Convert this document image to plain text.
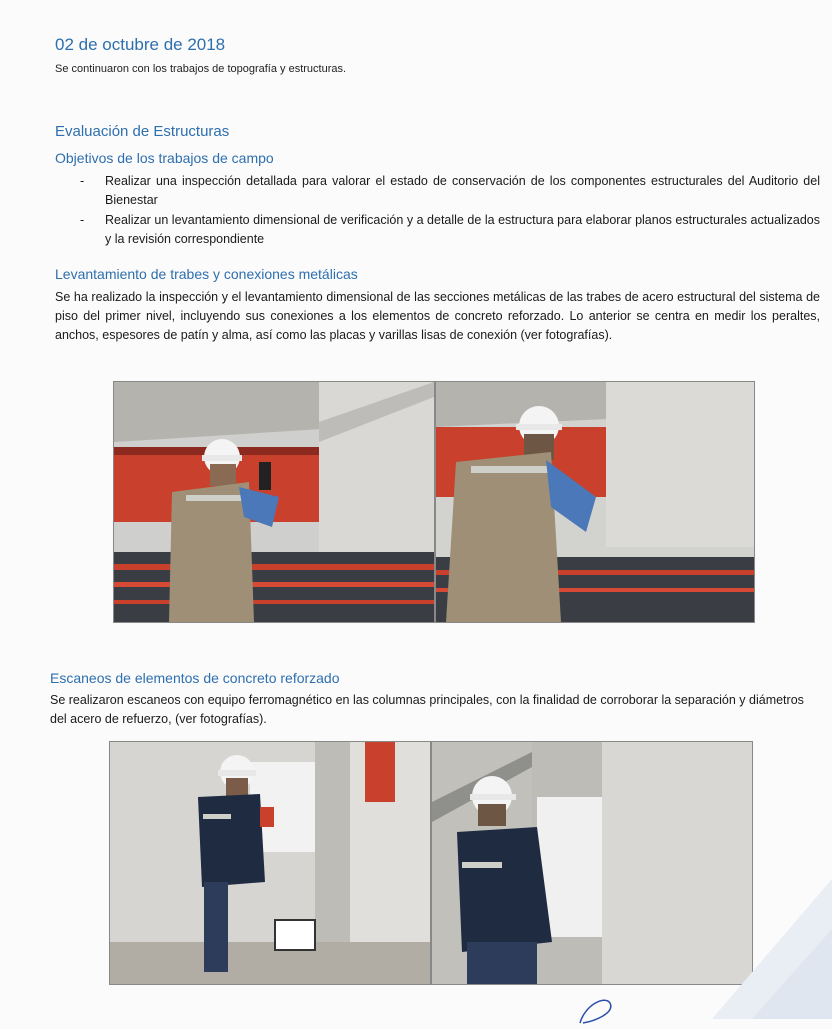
02 de octubre de 2018
Se continuaron con los trabajos de topografía y estructuras.
Evaluación de Estructuras
Objetivos de los trabajos de campo
- Realizar una inspección detallada para valorar el estado de conservación de los componentes estructurales del Auditorio del Bienestar
- Realizar un levantamiento dimensional de verificación y a detalle de la estructura para elaborar planos estructurales actualizados y la revisión correspondiente
Levantamiento de trabes y conexiones metálicas
Se ha realizado la inspección y el levantamiento dimensional de las secciones metálicas de las trabes de acero estructural del sistema de piso del primer nivel, incluyendo sus conexiones a los elementos de concreto reforzado. Lo anterior se centra en medir los peraltes, anchos, espesores de patín y alma, así como las placas y varillas lisas de conexión (ver fotografías).
Escaneos de elementos de concreto reforzado
Se realizaron escaneos con equipo ferromagnético en las columnas principales, con la finalidad de corroborar la separación y diámetros del acero de refuerzo, (ver fotografías).
